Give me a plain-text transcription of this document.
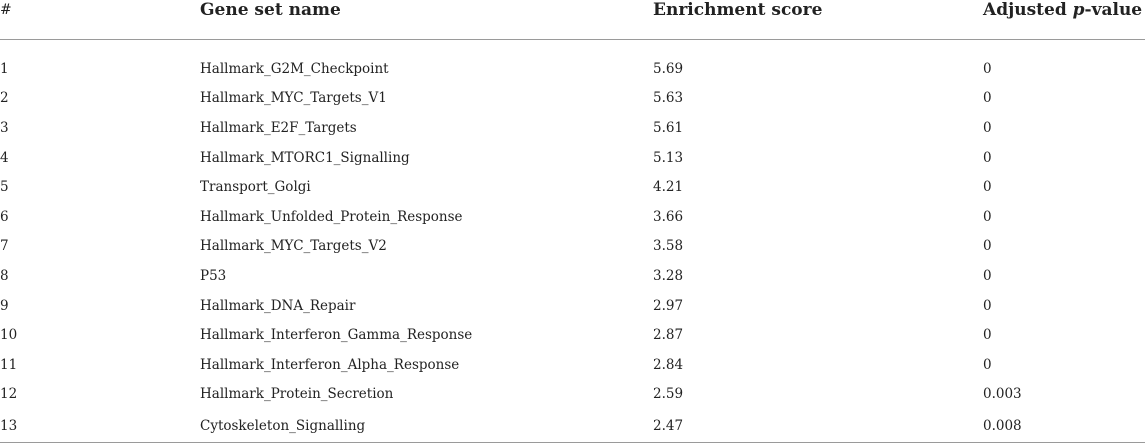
#	Gene set name	Enrichment score	Adjusted p-value
1	Hallmark_G2M_Checkpoint	5.69	0
2	Hallmark_MYC_Targets_V1	5.63	0
3	Hallmark_E2F_Targets	5.61	0
4	Hallmark_MTORC1_Signalling	5.13	0
5	Transport_Golgi	4.21	0
6	Hallmark_Unfolded_Protein_Response	3.66	0
7	Hallmark_MYC_Targets_V2	3.58	0
8	P53	3.28	0
9	Hallmark_DNA_Repair	2.97	0
10	Hallmark_Interferon_Gamma_Response	2.87	0
11	Hallmark_Interferon_Alpha_Response	2.84	0
12	Hallmark_Protein_Secretion	2.59	0.003
13	Cytoskeleton_Signalling	2.47	0.008
